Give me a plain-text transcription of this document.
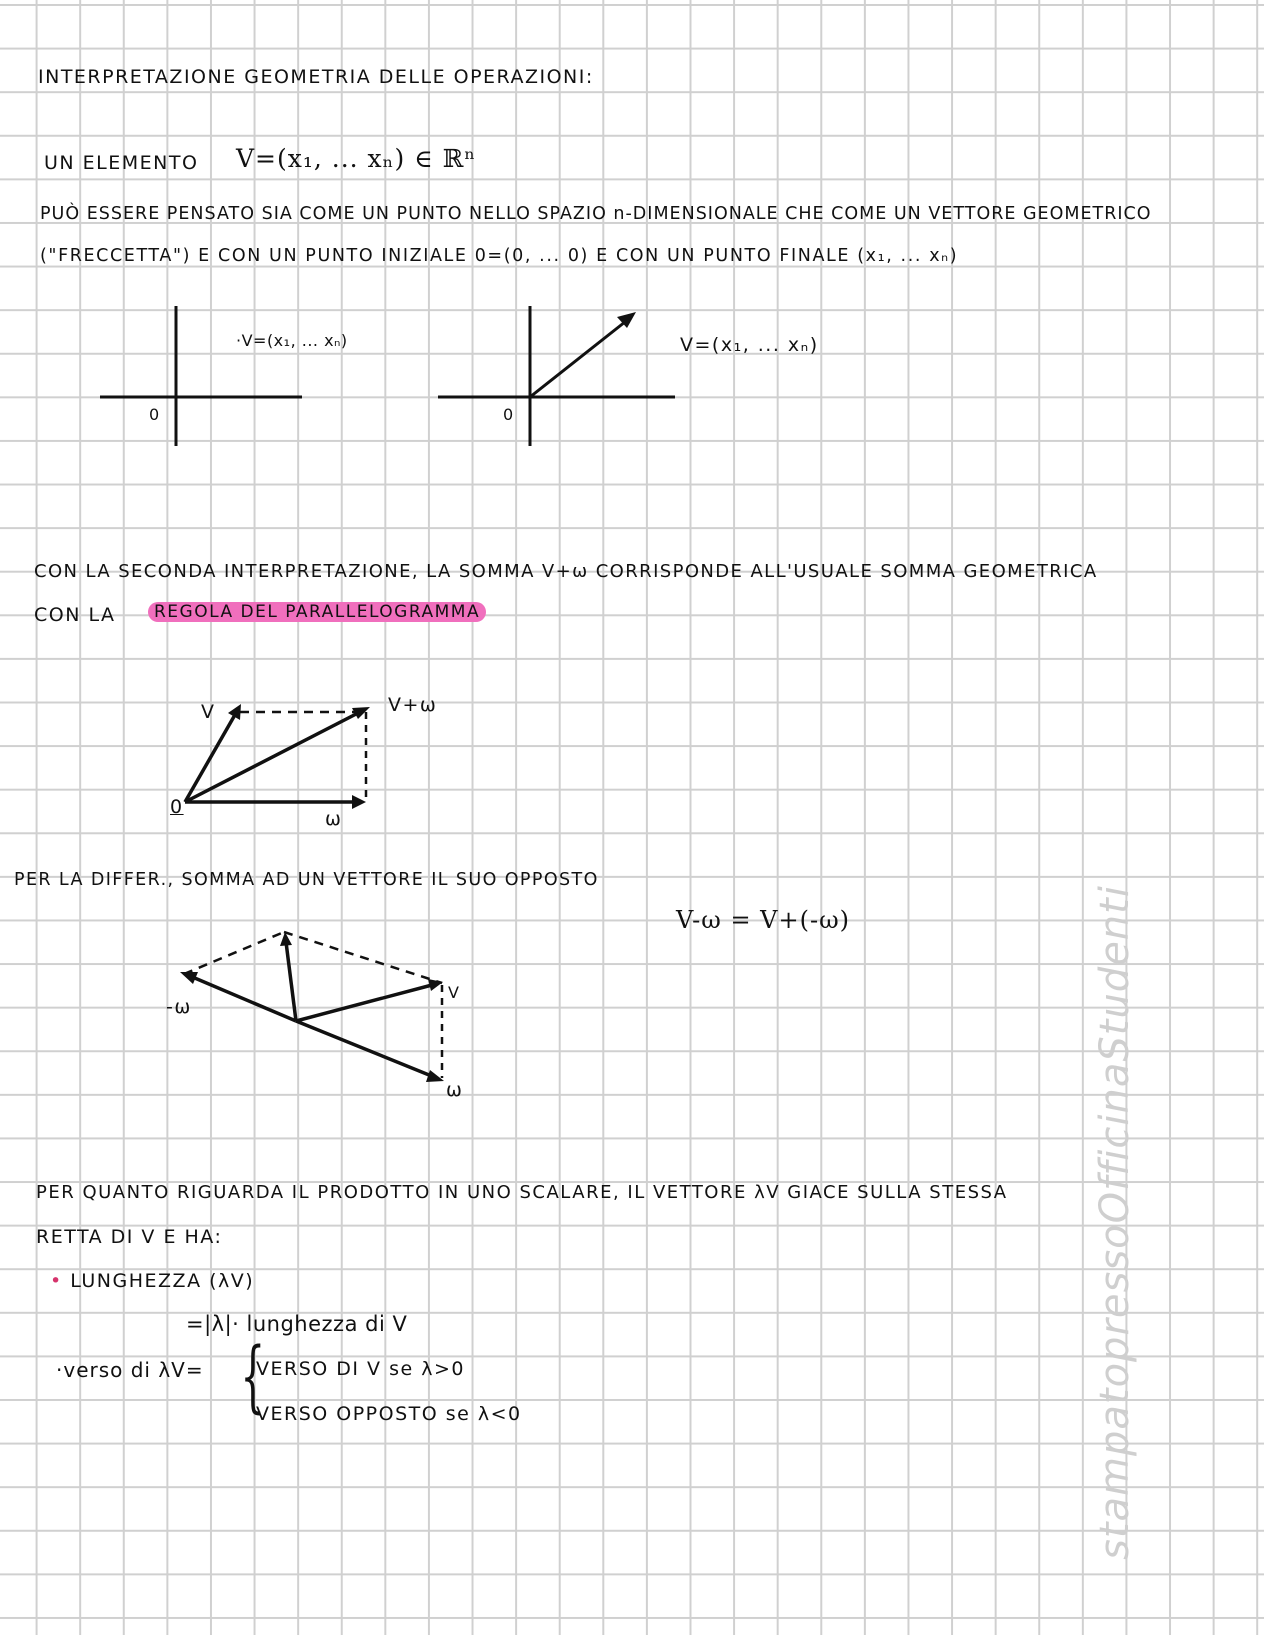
INTERPRETAZIONE GEOMETRIA DELLE OPERAZIONI:
UN ELEMENTO V=(x₁, ... xₙ) ∈ ℝⁿ
PUÒ ESSERE PENSATO SIA COME UN PUNTO NELLO SPAZIO n-DIMENSIONALE CHE COME UN VETTORE GEOMETRICO
("FRECCETTA") E CON UN PUNTO INIZIALE 0=(0, ... 0) E CON UN PUNTO FINALE (x₁, ... xₙ)
·V=(x₁, ... xₙ)
0
V=(x₁, ... xₙ)
0
CON LA SECONDA INTERPRETAZIONE, LA SOMMA V+ω CORRISPONDE ALL'USUALE SOMMA GEOMETRICA
CON LA	REGOLA DEL PARALLELOGRAMMA
V	V+ω
0
ω
PER LA DIFFER., SOMMA AD UN VETTORE IL SUO OPPOSTO
V-ω = V+(-ω)
-ω
V
ω
PER QUANTO RIGUARDA IL PRODOTTO IN UNO SCALARE, IL VETTORE λV GIACE SULLA STESSA
RETTA DI V E HA:
• LUNGHEZZA (λV)
=|λ|· lunghezza di V
·verso di λV= {
VERSO DI V se λ>0
VERSO OPPOSTO se λ<0	stampatopressoOfficinaStudenti
